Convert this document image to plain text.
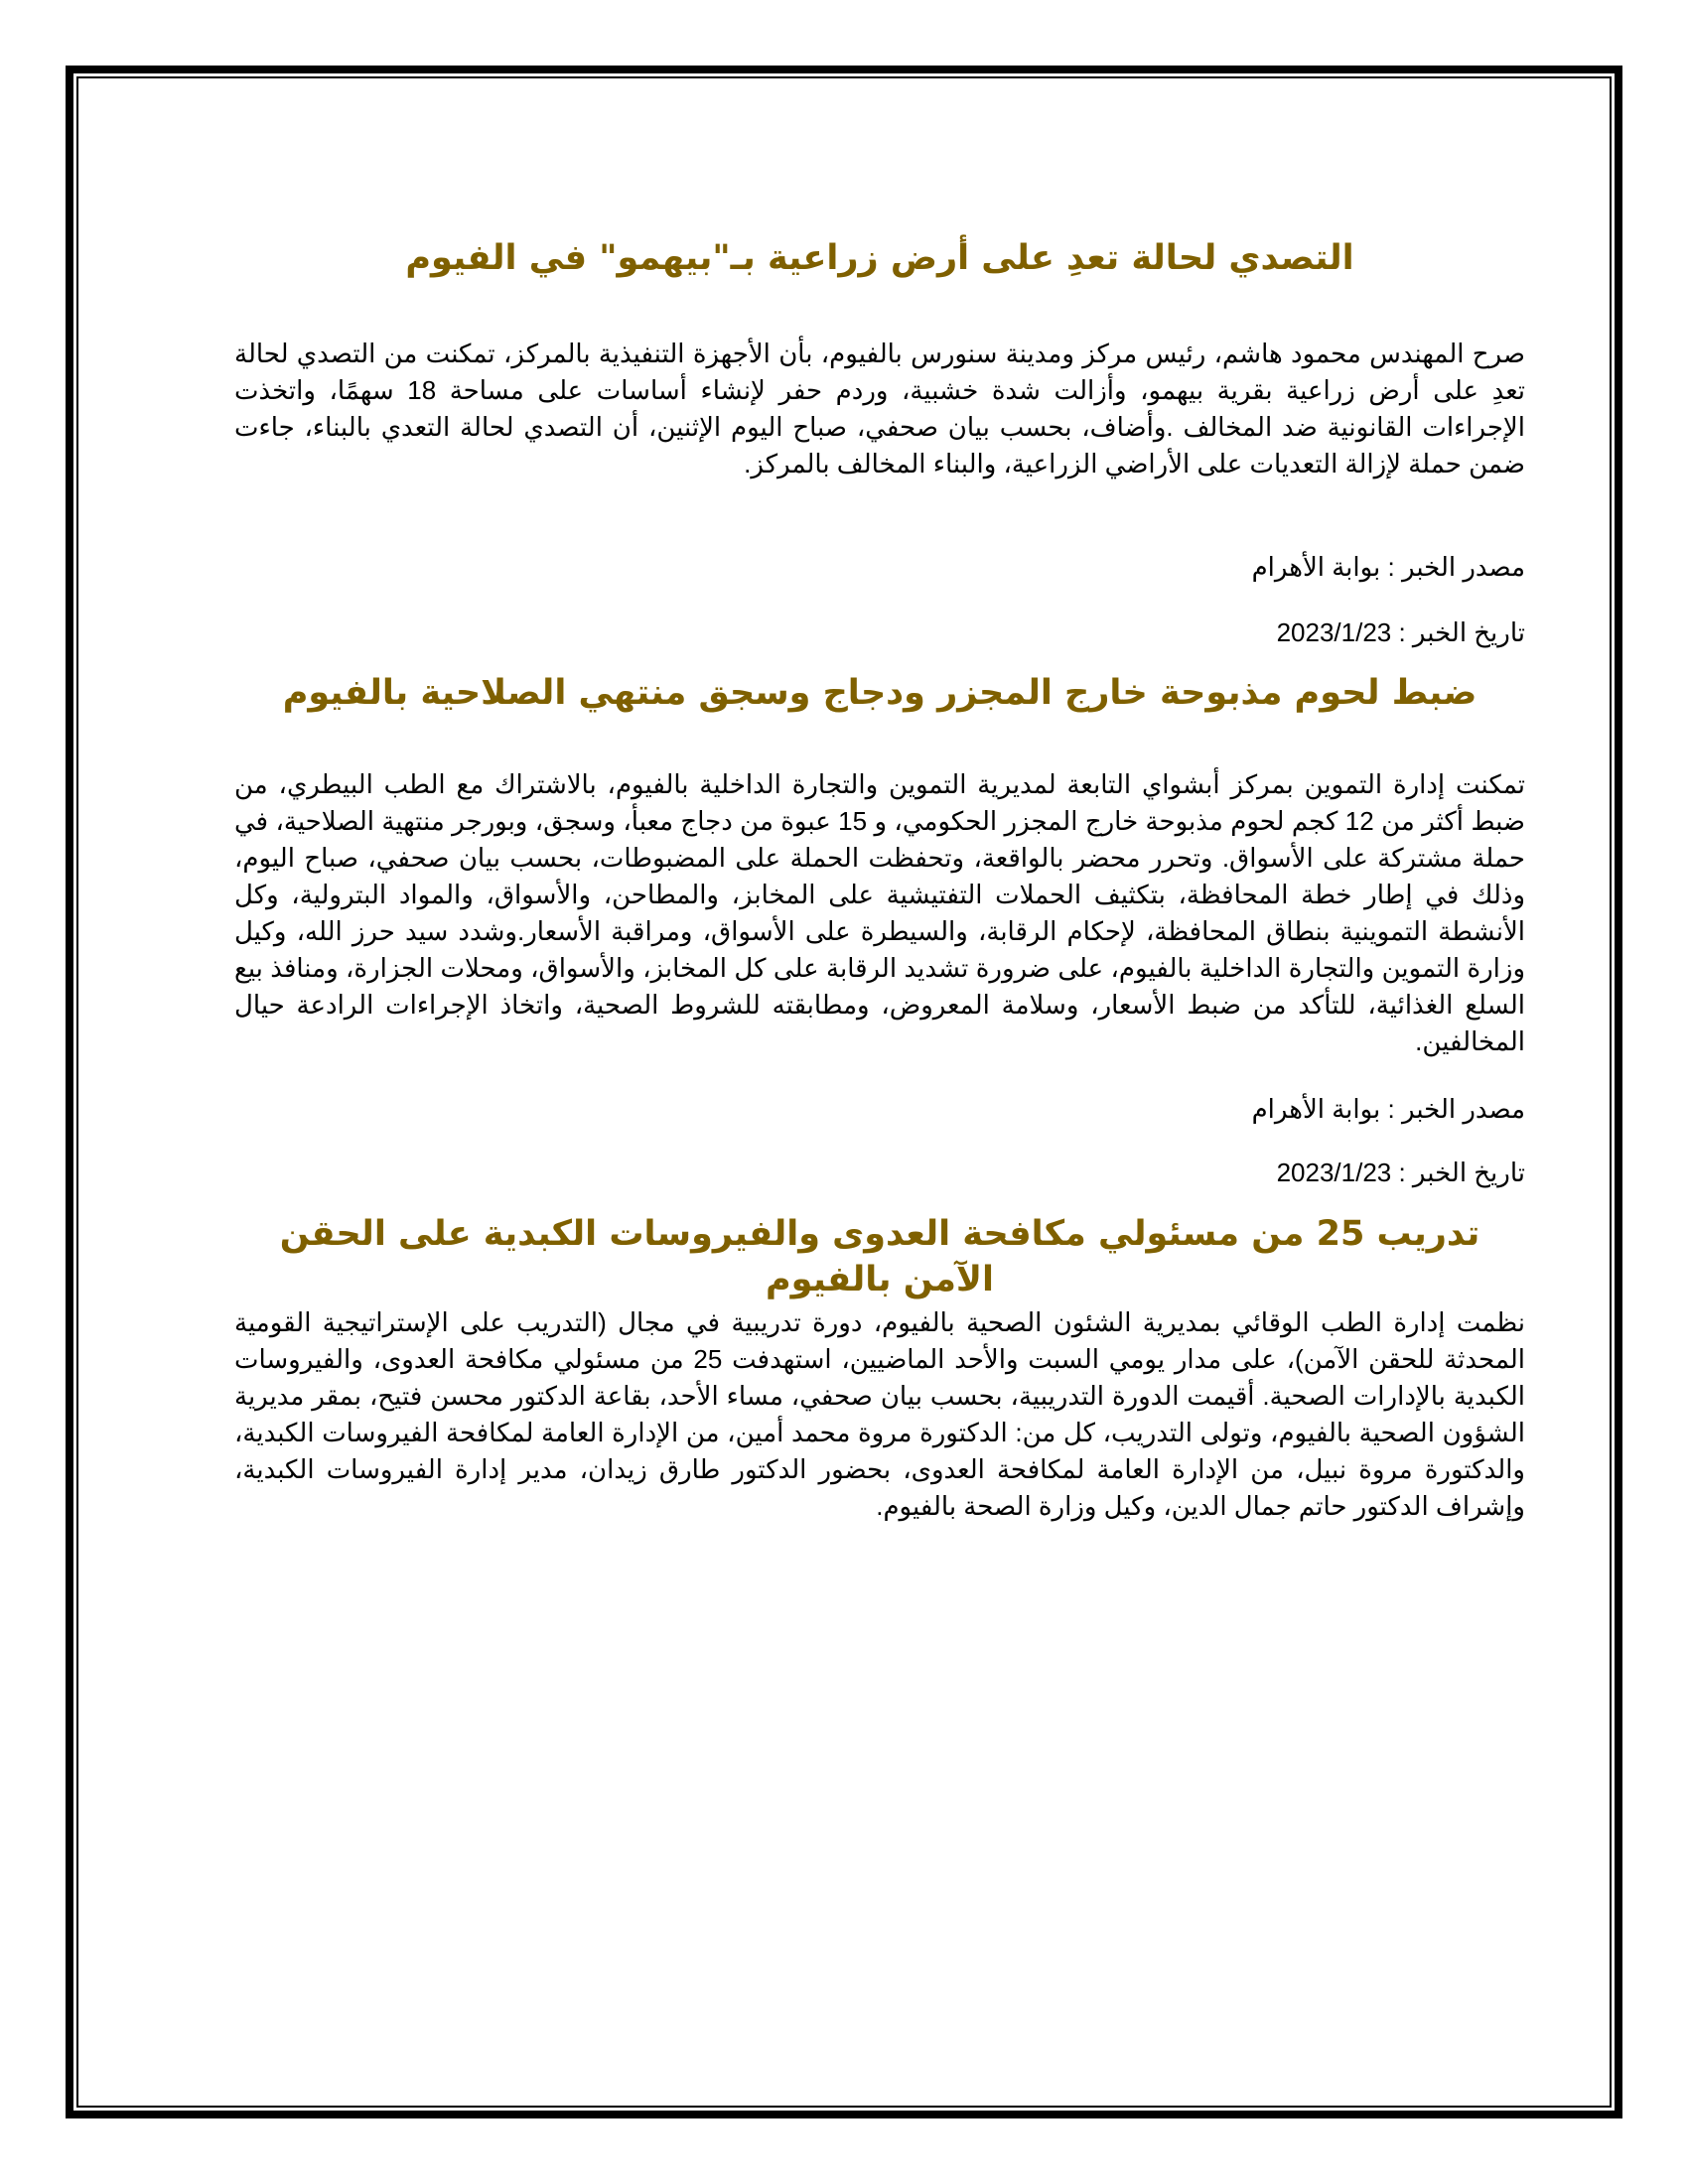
التصدي لحالة تعدِ على أرض زراعية بـ"بيهمو" في الفيوم

صرح المهندس محمود هاشم، رئيس مركز ومدينة سنورس بالفيوم، بأن الأجهزة التنفيذية بالمركز، تمكنت من التصدي لحالة تعدِ على أرض زراعية بقرية بيهمو، وأزالت شدة خشبية، وردم حفر لإنشاء أساسات على مساحة 18 سهمًا، واتخذت الإجراءات القانونية ضد المخالف .وأضاف، بحسب بيان صحفي، صباح اليوم الإثنين، أن التصدي لحالة التعدي بالبناء، جاءت ضمن حملة لإزالة التعديات على الأراضي الزراعية، والبناء المخالف بالمركز.

مصدر الخبر : بوابة الأهرام

تاريخ الخبر : 2023/1/23

ضبط لحوم مذبوحة خارج المجزر ودجاج وسجق منتهي الصلاحية بالفيوم

تمكنت إدارة التموين بمركز أبشواي التابعة لمديرية التموين والتجارة الداخلية بالفيوم، بالاشتراك مع الطب البيطري، من ضبط أكثر من 12 كجم لحوم مذبوحة خارج المجزر الحكومي، و 15 عبوة من دجاج معبأ، وسجق، وبورجر منتهية الصلاحية، في حملة مشتركة على الأسواق. وتحرر محضر بالواقعة، وتحفظت الحملة على المضبوطات، بحسب بيان صحفي، صباح اليوم، وذلك في إطار خطة المحافظة، بتكثيف الحملات التفتيشية على المخابز، والمطاحن، والأسواق، والمواد البترولية، وكل الأنشطة التموينية بنطاق المحافظة، لإحكام الرقابة، والسيطرة على الأسواق، ومراقبة الأسعار.وشدد سيد حرز الله، وكيل وزارة التموين والتجارة الداخلية بالفيوم، على ضرورة تشديد الرقابة على كل المخابز، والأسواق، ومحلات الجزارة، ومنافذ بيع السلع الغذائية، للتأكد من ضبط الأسعار، وسلامة المعروض، ومطابقته للشروط الصحية، واتخاذ الإجراءات الرادعة حيال المخالفين.

مصدر الخبر : بوابة الأهرام

تاريخ الخبر : 2023/1/23

تدريب 25 من مسئولي مكافحة العدوى والفيروسات الكبدية على الحقن الآمن بالفيوم

نظمت إدارة الطب الوقائي بمديرية الشئون الصحية بالفيوم، دورة تدريبية في مجال (التدريب على الإستراتيجية القومية المحدثة للحقن الآمن)، على مدار يومي السبت والأحد الماضيين، استهدفت 25 من مسئولي مكافحة العدوى، والفيروسات الكبدية بالإدارات الصحية. أقيمت الدورة التدريبية، بحسب بيان صحفي، مساء الأحد، بقاعة الدكتور محسن فتيح، بمقر مديرية الشؤون الصحية بالفيوم، وتولى التدريب، كل من: الدكتورة مروة محمد أمين، من الإدارة العامة لمكافحة الفيروسات الكبدية، والدكتورة مروة نبيل، من الإدارة العامة لمكافحة العدوى، بحضور الدكتور طارق زيدان، مدير إدارة الفيروسات الكبدية، وإشراف الدكتور حاتم جمال الدين، وكيل وزارة الصحة بالفيوم.
